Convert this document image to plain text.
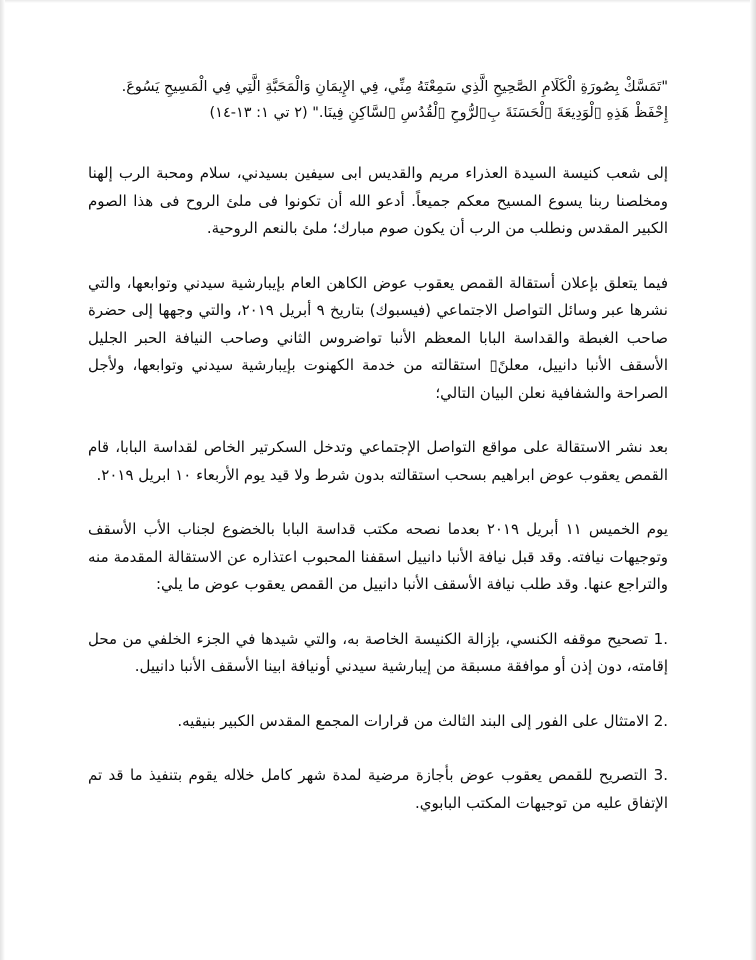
"تَمَسَّكْ بِصُورَةِ الْكَلَامِ الصَّحِيحِ الَّذِي سَمِعْتَهُ مِنِّي، فِي الإِيمَانِ وَالْمَحَبَّةِ الَّتِي فِي الْمَسِيحِ يَسُوعَ.
إِحْفَظْ هَذِهِ ▯لْوَدِيعَةَ ▯لْحَسَنَةَ بِ▯لرُّوحِ ▯لْقُدُسِ ▯لسَّاكِنِ فِينَا." (٢ تي ١: ١٣-١٤)

إلى شعب كنيسة السيدة العذراء مريم والقديس ابى سيفين بسيدني، سلام ومحبة الرب إلهنا ومخلصنا ربنا يسوع المسيح معكم جميعاً. أدعو الله أن تكونوا فى ملئ الروح فى هذا الصوم الكبير المقدس ونطلب من الرب أن يكون صوم مبارك؛ ملئ بالنعم الروحية.

فيما يتعلق بإعلان أستقالة القمص يعقوب عوض الكاهن العام بإيبارشية سيدني وتوابعها، والتي نشرها عبر وسائل التواصل الاجتماعي (فيسبوك) بتاريخ ٩ أبريل ٢٠١٩، والتي وجهها إلى حضرة صاحب الغبطة والقداسة البابا المعظم الأنبا تواضروس الثاني وصاحب النيافة الحبر الجليل الأسقف الأنبا دانييل، معلنً▯ استقالته من خدمة الكهنوت بإيبارشية سيدني وتوابعها، ولأجل الصراحة والشفافية نعلن البيان التالي؛

بعد نشر الاستقالة على مواقع التواصل الإجتماعي وتدخل السكرتير الخاص لقداسة البابا، قام القمص يعقوب عوض ابراهيم بسحب استقالته بدون شرط ولا قيد يوم الأربعاء ١٠ ابريل ٢٠١٩.

يوم الخميس ١١ أبريل ٢٠١٩ بعدما نصحه مكتب قداسة البابا بالخضوع لجناب الأب الأسقف وتوجيهات نيافته. وقد قبل نيافة الأنبا دانييل اسقفنا المحبوب اعتذاره عن الاستقالة المقدمة منه والتراجع عنها. وقد طلب نيافة الأسقف الأنبا دانييل من القمص يعقوب عوض ما يلي:

1. تصحيح موقفه الكنسي، بإزالة الكنيسة الخاصة به، والتي شيدها في الجزء الخلفي من محل إقامته، دون إذن أو موافقة مسبقة من إيبارشية سيدني أونيافة ابينا الأسقف الأنبا دانييل.
2. الامتثال على الفور إلى البند الثالث من قرارات المجمع المقدس الكبير بنيقيه.
3. التصريح للقمص يعقوب عوض بأجازة مرضية لمدة شهر كامل خلاله يقوم بتنفيذ ما قد تم الإتفاق عليه من توجيهات المكتب البابوي.
